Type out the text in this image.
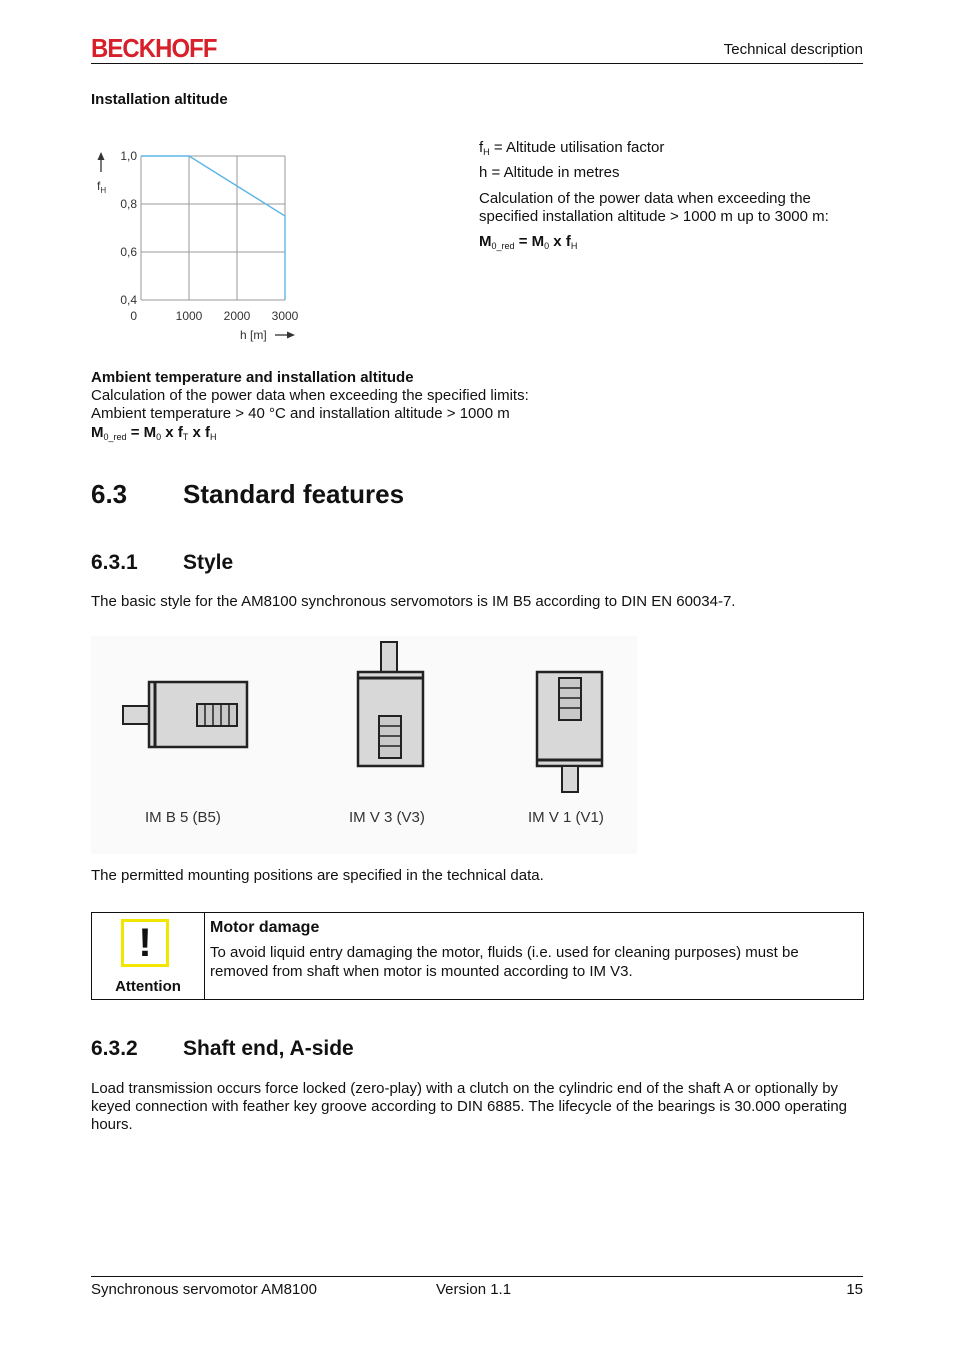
BECKHOFF	Technical description
Installation altitude
0	1000 2000 3000
1,0
0,8
0,6
0,4
$f_H$
h [m]
$f_H$ = Altitude utilisation factor
h = Altitude in metres
Calculation of the power data when exceeding the specified installation altitude > 1000 m up to 3000 m:
$M_{0\_red} = M_0$ x $f_H$
Ambient temperature and installation altitude
Calculation of the power data when exceeding the specified limits:
Ambient temperature > 40 °C and installation altitude > 1000 m
$M_{0\_red} = M_0$ x $f_T$ x $f_H$
6.3 Standard features
6.3.1 Style
The basic style for the AM8100 synchronous servomotors is IM B5 according to DIN EN 60034-7.
IM B 5 (B5)	IM V 3 (V3)	IM V 1 (V1)
The permitted mounting positions are specified in the technical data.
!
Attention
Motor damage
To avoid liquid entry damaging the motor, fluids (i.e. used for cleaning purposes) must be removed from shaft when motor is mounted according to IM V3.
6.3.2 Shaft end, A-side
Load transmission occurs force locked (zero-play) with a clutch on the cylindric end of the shaft A or optionally by keyed connection with feather key groove according to DIN 6885. The lifecycle of the bearings is 30.000 operating hours.
Synchronous servomotor AM8100	Version 1.1	15
